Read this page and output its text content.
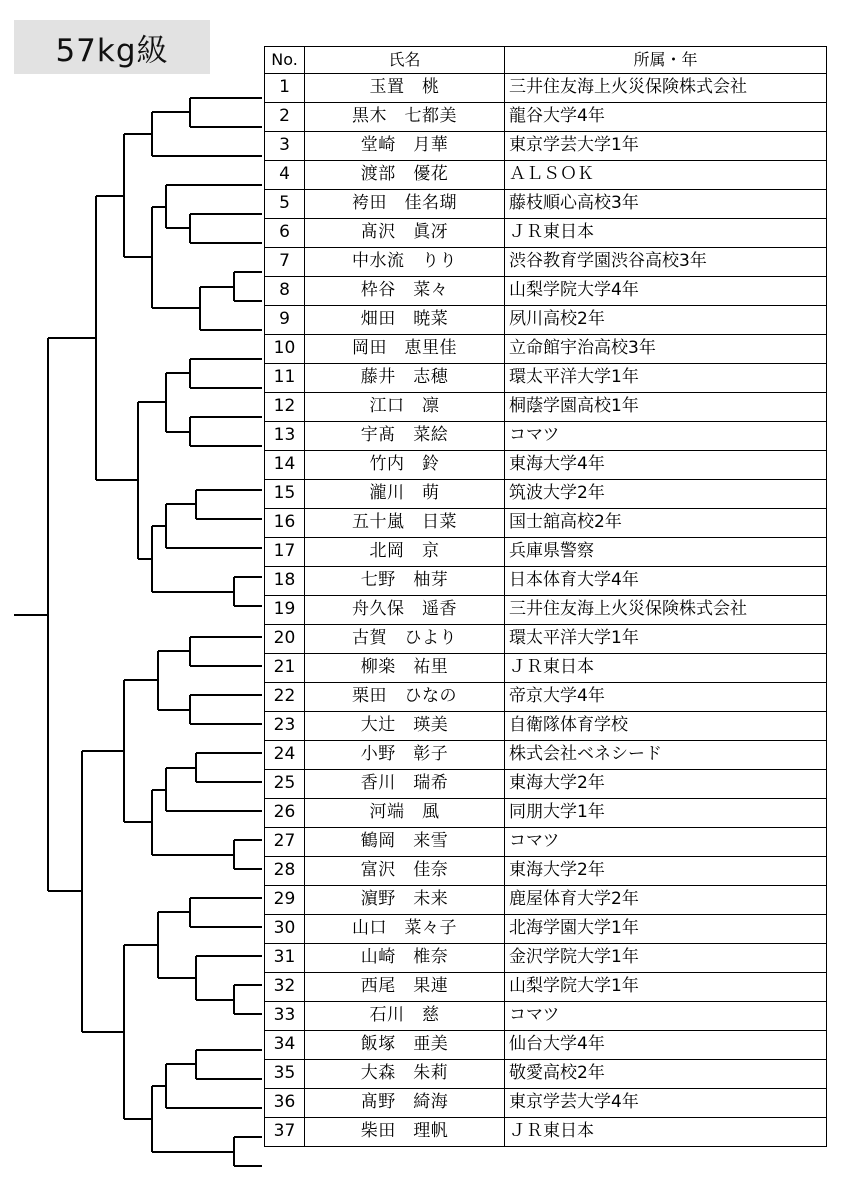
57kg級	No.	氏名	所属・年
1	玉置　桃	三井住友海上火災保険株式会社
2	黒木　七都美	龍谷大学4年
3	堂崎　月華	東京学芸大学1年
4	渡部　優花	ＡＬＳＯＫ
5	袴田　佳名瑚	藤枝順心高校3年
6	髙沢　眞冴	ＪＲ東日本
7	中水流　りり	渋谷教育学園渋谷高校3年
8	枠谷　菜々	山梨学院大学4年
9	畑田　暁菜	夙川高校2年
10	岡田　恵里佳	立命館宇治高校3年
11	藤井　志穂	環太平洋大学1年
12	江口　凛	桐蔭学園高校1年
13	宇髙　菜絵	コマツ
14	竹内　鈴	東海大学4年
15	瀧川　萌	筑波大学2年
16	五十嵐　日菜	国士舘高校2年
17	北岡　京	兵庫県警察
18	七野　柚芽	日本体育大学4年
19	舟久保　遥香	三井住友海上火災保険株式会社
20	古賀　ひより	環太平洋大学1年
21	柳楽　祐里	ＪＲ東日本
22	栗田　ひなの	帝京大学4年
23	大辻　瑛美	自衛隊体育学校
24	小野　彰子	株式会社ベネシード
25	香川　瑞希	東海大学2年
26	河端　風	同朋大学1年
27	鶴岡　来雪	コマツ
28	富沢　佳奈	東海大学2年
29	濵野　未来	鹿屋体育大学2年
30	山口　菜々子	北海学園大学1年
31	山崎　椎奈	金沢学院大学1年
32	西尾　果連	山梨学院大学1年
33	石川　慈	コマツ
34	飯塚　亜美	仙台大学4年
35	大森　朱莉	敬愛高校2年
36	髙野　綺海	東京学芸大学4年
37	柴田　理帆	ＪＲ東日本
